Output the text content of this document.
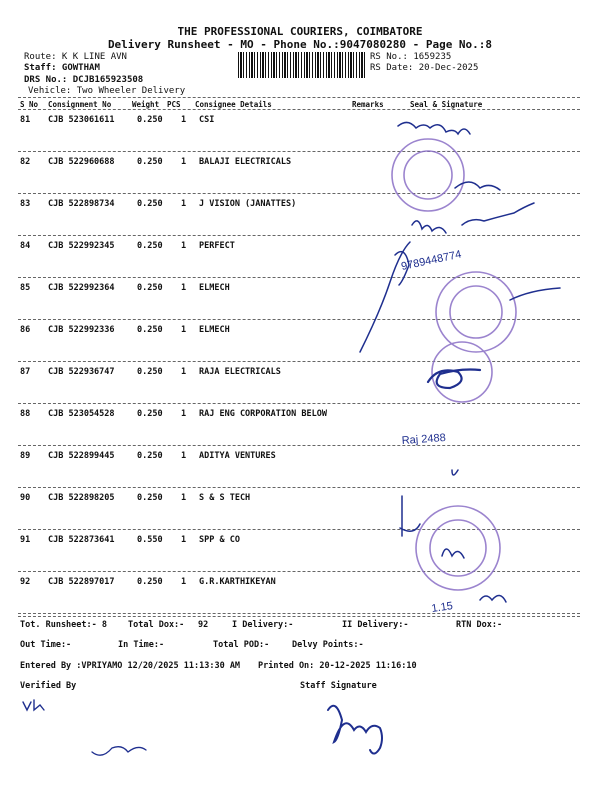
THE PROFESSIONAL COURIERS, COIMBATORE
Delivery Runsheet - MO - Phone No.:9047080280 - Page No.:8
Route: K K LINE AVN
Staff: GOWTHAM
DRS No.: DCJB165923508
Vehicle: Two Wheeler Delivery
RS No.: 1659235
RS Date: 20-Dec-2025
S No Consignment No	Weight PCS Consignee Details	Remarks	Seal & Signature
81 CJB 523061611	0.250 1 CSI
82 CJB 522960688	0.250 1 BALAJI ELECTRICALS
83 CJB 522898734	0.250 1 J VISION (JANATTES)
84 CJB 522992345	0.250 1 PERFECT
85 CJB 522992364	0.250 1 ELMECH
86 CJB 522992336	0.250 1 ELMECH
87 CJB 522936747	0.250 1 RAJA ELECTRICALS
88 CJB 523054528	0.250 1 RAJ ENG CORPORATION BELOW
89 CJB 522899445	0.250 1 ADITYA VENTURES
90 CJB 522898205	0.250 1 S & S TECH
91 CJB 522873641	0.550 1 SPP & CO
92 CJB 522897017	0.250 1 G.R.KARTHIKEYAN
9789448774
Raj 2488
1.15
Tot. Runsheet:- 8 Total Dox:- 92	I Delivery:-	II Delivery:-	RTN Dox:-
Out Time:-	In Time:-	Total POD:-	Delvy Points:-
Entered By :VPRIYAMO 12/20/2025 11:13:30 AM Printed On: 20-12-2025 11:16:10
Verified By	Staff Signature
